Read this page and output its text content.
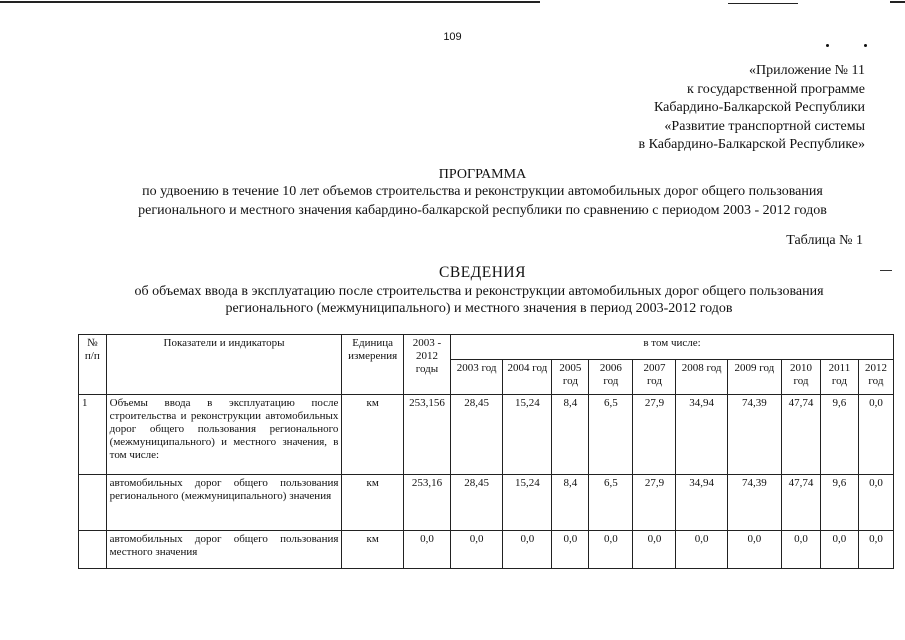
109
«Приложение № 11
к государственной программе
Кабардино-Балкарской Республики
«Развитие транспортной системы
в Кабардино-Балкарской Республике»
ПРОГРАММА
по удвоению в течение 10 лет объемов строительства и реконструкции автомобильных дорог общего пользования
регионального и местного значения кабардино-балкарской республики по сравнению с периодом 2003 - 2012 годов
Таблица № 1
СВЕДЕНИЯ
об объемах ввода в эксплуатацию после строительства и реконструкции автомобильных дорог общего пользования
регионального (межмуниципального) и местного значения в период 2003-2012 годов
№ п/п	Показатели и индикаторы	Единица измерения	2003 - 2012 годы	в том числе:									
				2003 год	2004 год	2005 год	2006 год	2007 год	2008 год	2009 год	2010 год	2011 год	2012 год
1	Объемы ввода в эксплуатацию после строительства и реконструкции автомобильных дорог общего пользования регионального (межмуниципального) и местного значения, в том числе:	км	253,156	28,45	15,24	8,4	6,5	27,9	34,94	74,39	47,74	9,6	0,0
	автомобильных дорог общего пользования регионального (межмуниципального) значения	км	253,16	28,45	15,24	8,4	6,5	27,9	34,94	74,39	47,74	9,6	0,0
	автомобильных дорог общего пользования местного значения	км	0,0	0,0	0,0	0,0	0,0	0,0	0,0	0,0	0,0	0,0	0,0
